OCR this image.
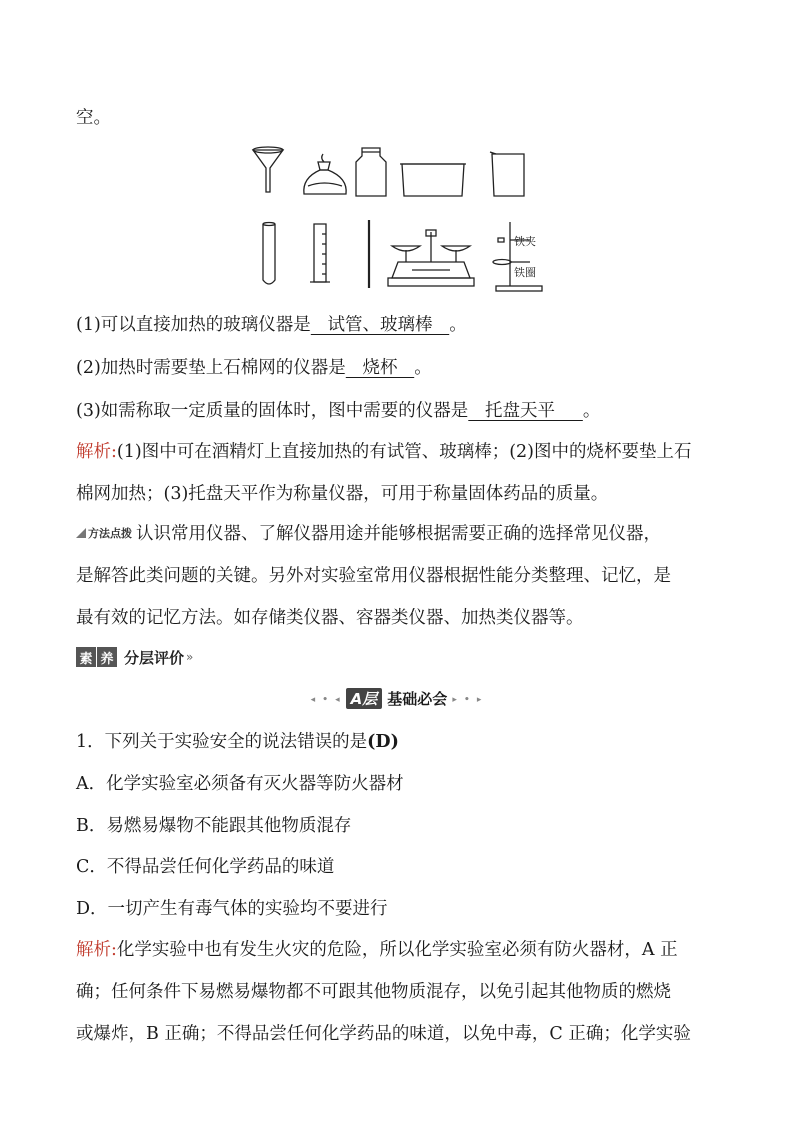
空。
铁夹
铁圈
(1)可以直接加热的玻璃仪器是 试管、玻璃棒 。
(2)加热时需要垫上石棉网的仪器是 烧杯 。
(3)如需称取一定质量的固体时，图中需要的仪器是 托盘天平 。
解析:(1)图中可在酒精灯上直接加热的有试管、玻璃棒；(2)图中的烧杯要垫上石
棉网加热；(3)托盘天平作为称量仪器，可用于称量固体药品的质量。
方法点拨 认识常用仪器、了解仪器用途并能够根据需要正确的选择常见仪器，
是解答此类问题的关键。另外对实验室常用仪器根据性能分类整理、记忆，是
最有效的记忆方法。如存储类仪器、容器类仪器、加热类仪器等。
素 养 分层评价 »
◂ • ◂ A层 基础必会 ▸ • ▸
1．下列关于实验安全的说法错误的是(D)
A．化学实验室必须备有灭火器等防火器材
B．易燃易爆物不能跟其他物质混存
C．不得品尝任何化学药品的味道
D．一切产生有毒气体的实验均不要进行
解析:化学实验中也有发生火灾的危险，所以化学实验室必须有防火器材，A 正
确；任何条件下易燃易爆物都不可跟其他物质混存，以免引起其他物质的燃烧
或爆炸，B 正确；不得品尝任何化学药品的味道，以免中毒，C 正确；化学实验
